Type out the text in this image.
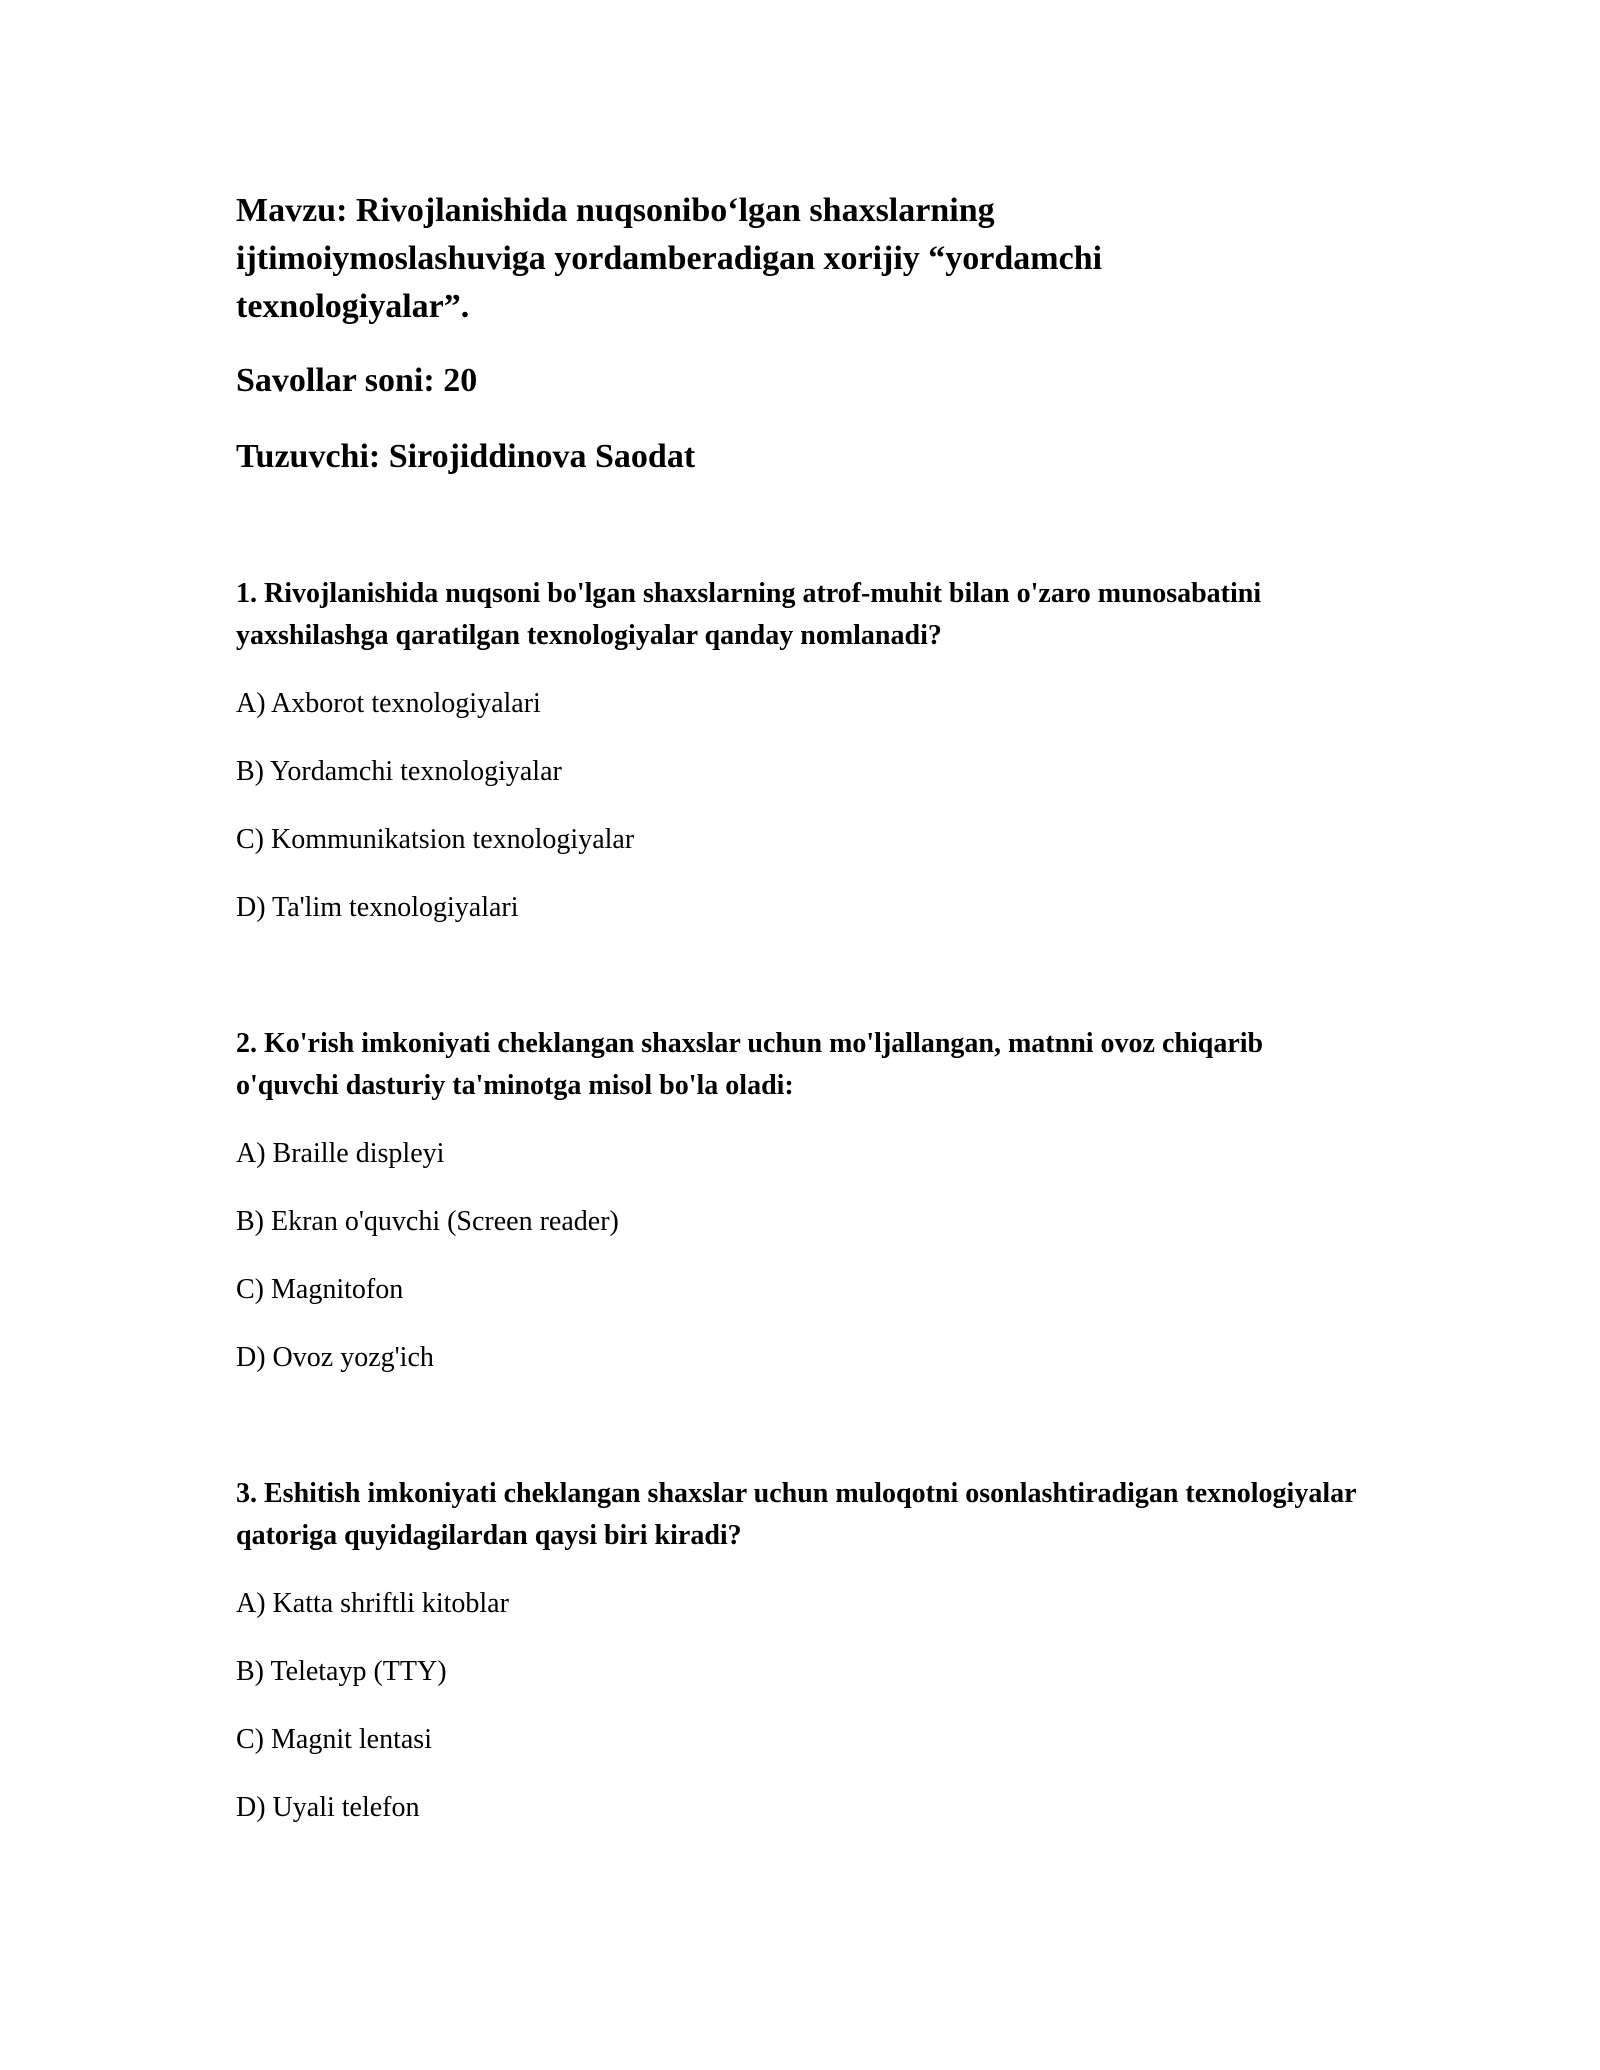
Mavzu: Rivojlanishida nuqsonibo‘lgan shaxslarning ijtimoiymoslashuviga yordamberadigan xorijiy “yordamchi texnologiyalar”.

Savollar soni: 20

Tuzuvchi: Sirojiddinova Saodat

1. Rivojlanishida nuqsoni bo'lgan shaxslarning atrof-muhit bilan o'zaro munosabatini yaxshilashga qaratilgan texnologiyalar qanday nomlanadi?

A) Axborot texnologiyalari
B) Yordamchi texnologiyalar
C) Kommunikatsion texnologiyalar
D) Ta'lim texnologiyalari

2. Ko'rish imkoniyati cheklangan shaxslar uchun mo'ljallangan, matnni ovoz chiqarib o'quvchi dasturiy ta'minotga misol bo'la oladi:

A) Braille displeyi
B) Ekran o'quvchi (Screen reader)
C) Magnitofon
D) Ovoz yozg'ich

3. Eshitish imkoniyati cheklangan shaxslar uchun muloqotni osonlashtiradigan texnologiyalar qatoriga quyidagilardan qaysi biri kiradi?

A) Katta shriftli kitoblar
B) Teletayp (TTY)
C) Magnit lentasi
D) Uyali telefon
